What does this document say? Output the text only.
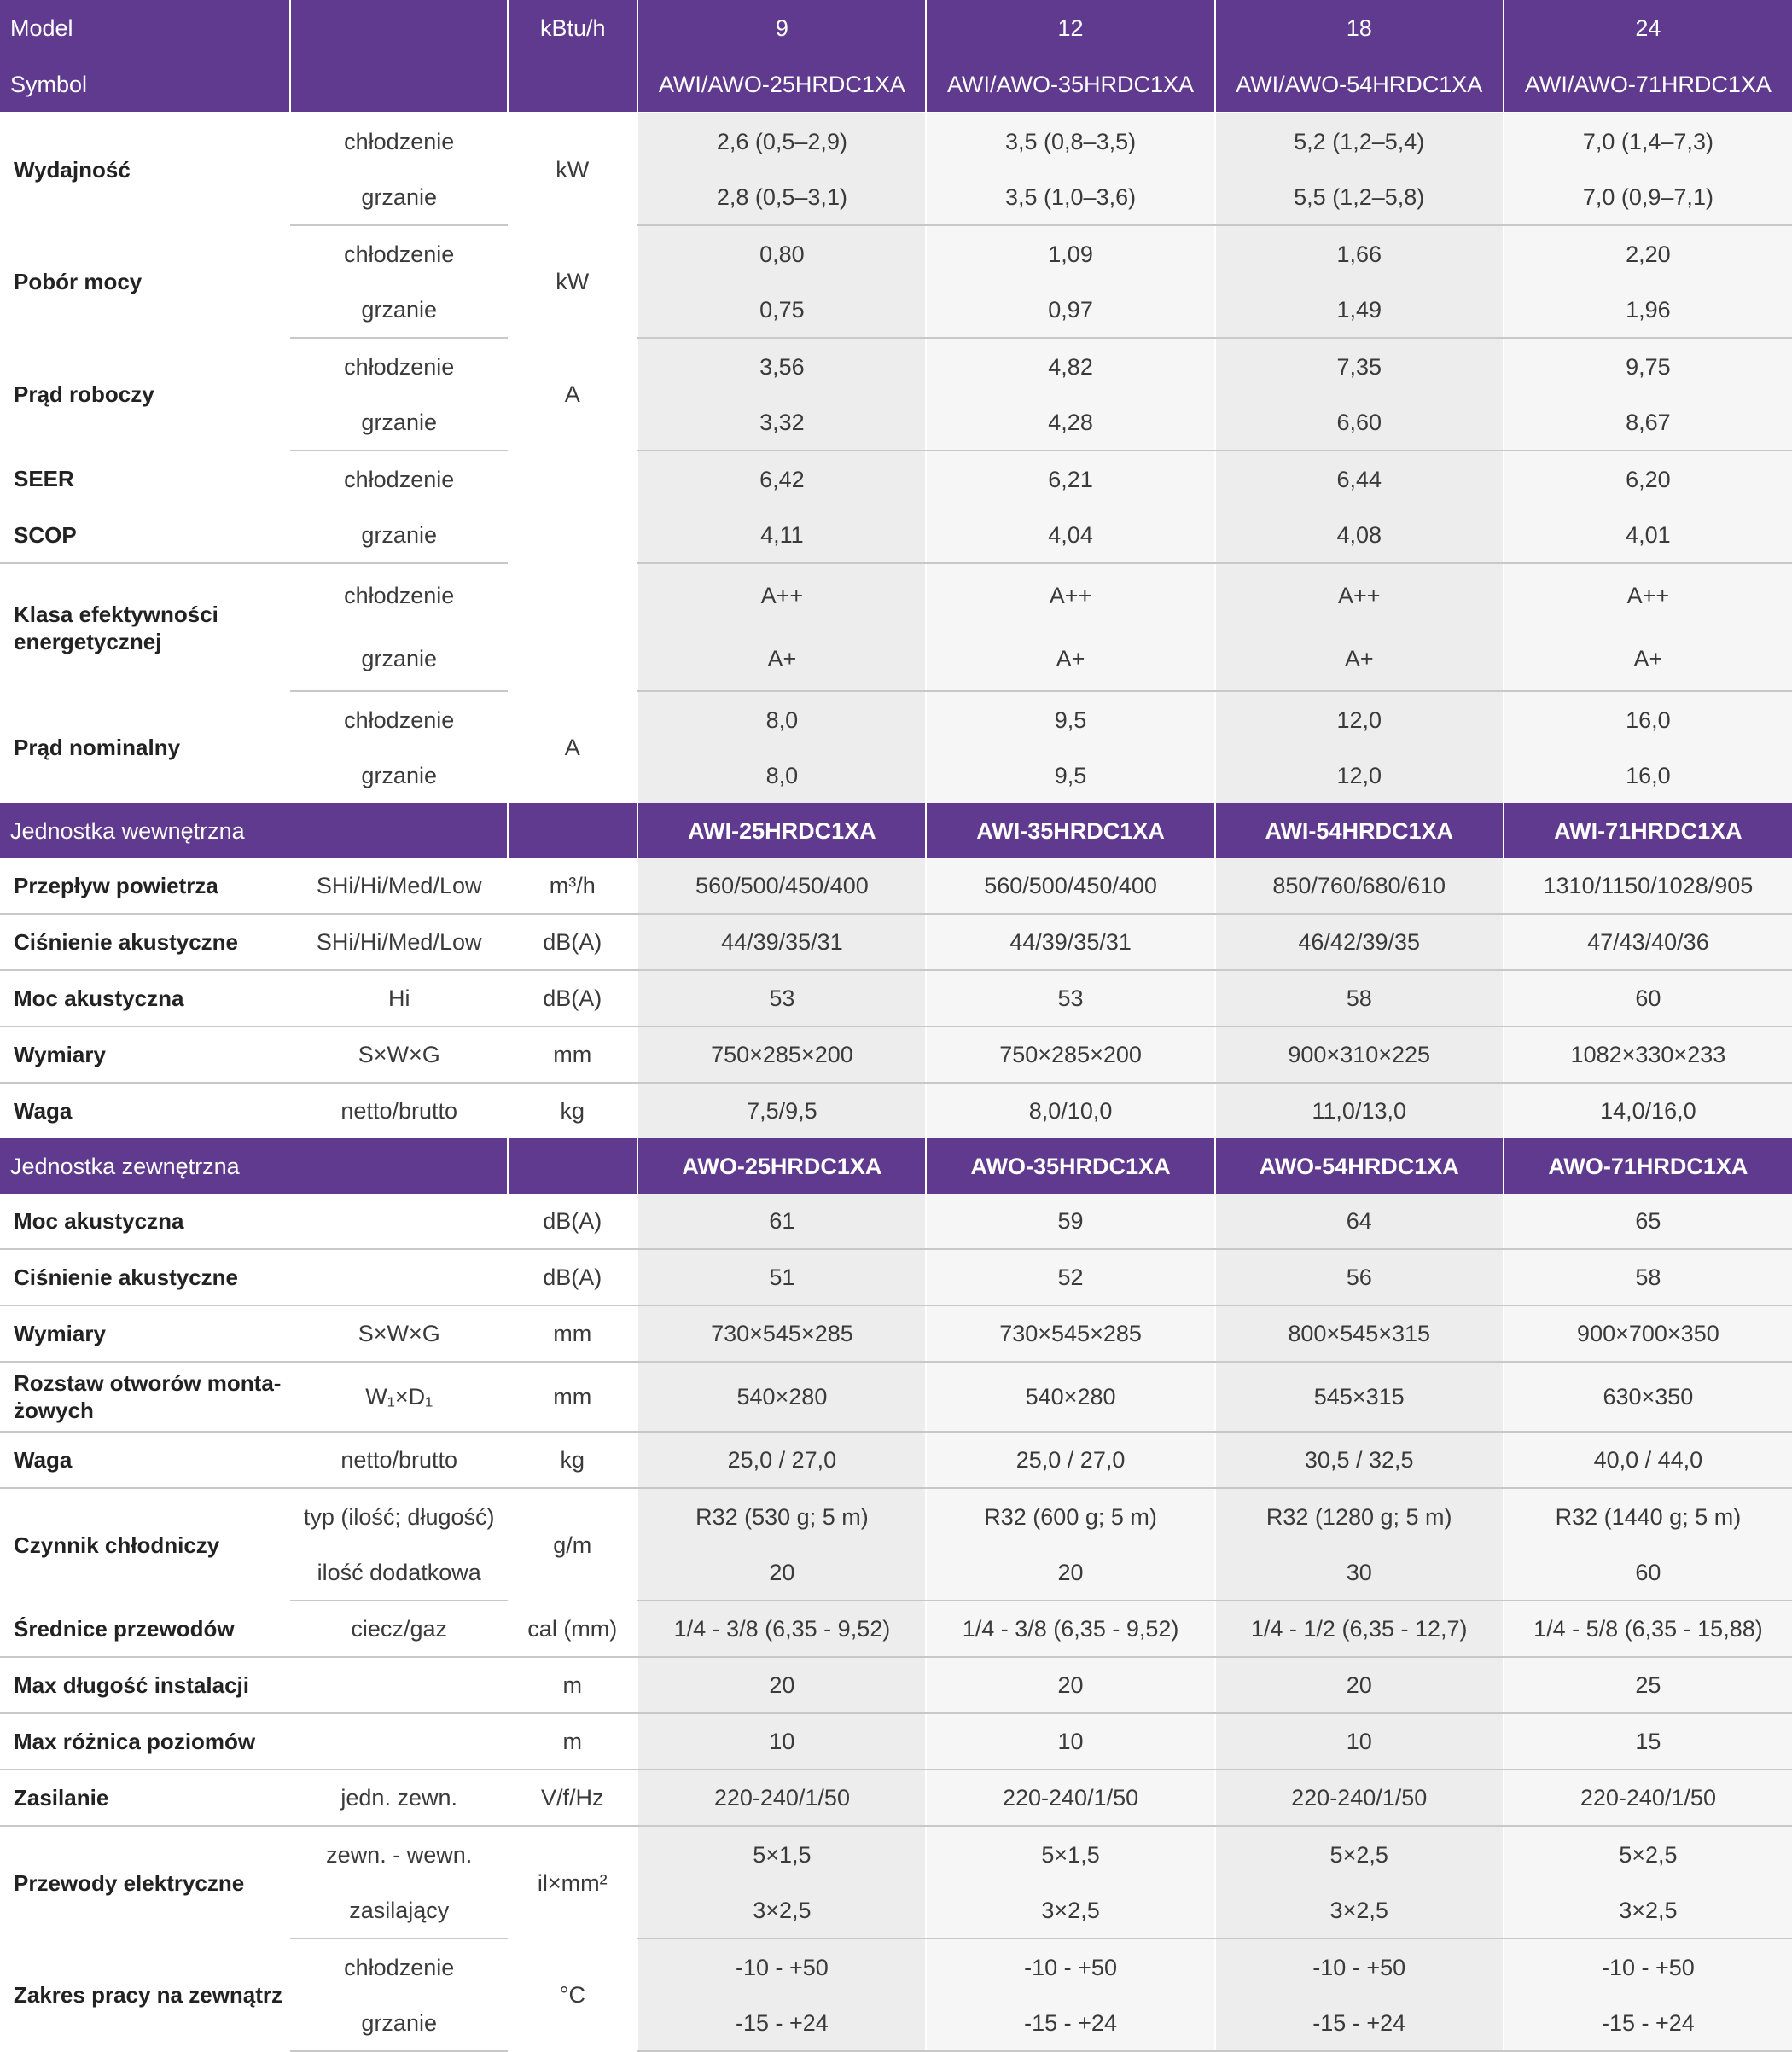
Model		kBtu/h	9	12	18	24
Symbol			AWI/AWO-25HRDC1XA	AWI/AWO-35HRDC1XA	AWI/AWO-54HRDC1XA	AWI/AWO-71HRDC1XA
Wydajność	chłodzenie	kW	2,6 (0,5–2,9)	3,5 (0,8–3,5)	5,2 (1,2–5,4)	7,0 (1,4–7,3)
	grzanie		2,8 (0,5–3,1)	3,5 (1,0–3,6)	5,5 (1,2–5,8)	7,0 (0,9–7,1)
Pobór mocy	chłodzenie	kW	0,80	1,09	1,66	2,20
	grzanie		0,75	0,97	1,49	1,96
Prąd roboczy	chłodzenie	A	3,56	4,82	7,35	9,75
	grzanie		3,32	4,28	6,60	8,67
SEER	chłodzenie		6,42	6,21	6,44	6,20
SCOP	grzanie		4,11	4,04	4,08	4,01
Klasa efektywności energetycznej	chłodzenie		A++	A++	A++	A++
	grzanie		A+	A+	A+	A+
Prąd nominalny	chłodzenie	A	8,0	9,5	12,0	16,0
	grzanie		8,0	9,5	12,0	16,0
Jednostka wewnętrzna			AWI-25HRDC1XA	AWI-35HRDC1XA	AWI-54HRDC1XA	AWI-71HRDC1XA
Przepływ powietrza	SHi/Hi/Med/Low	m³/h	560/500/450/400	560/500/450/400	850/760/680/610	1310/1150/1028/905
Ciśnienie akustyczne	SHi/Hi/Med/Low	dB(A)	44/39/35/31	44/39/35/31	46/42/39/35	47/43/40/36
Moc akustyczna	Hi	dB(A)	53	53	58	60
Wymiary	S×W×G	mm	750×285×200	750×285×200	900×310×225	1082×330×233
Waga	netto/brutto	kg	7,5/9,5	8,0/10,0	11,0/13,0	14,0/16,0
Jednostka zewnętrzna			AWO-25HRDC1XA	AWO-35HRDC1XA	AWO-54HRDC1XA	AWO-71HRDC1XA
Moc akustyczna		dB(A)	61	59	64	65
Ciśnienie akustyczne		dB(A)	51	52	56	58
Wymiary	S×W×G	mm	730×545×285	730×545×285	800×545×315	900×700×350
Rozstaw otworów monta-żowych	W₁×D₁	mm	540×280	540×280	545×315	630×350
Waga	netto/brutto	kg	25,0 / 27,0	25,0 / 27,0	30,5 / 32,5	40,0 / 44,0
Czynnik chłodniczy	typ (ilość; długość)	g/m	R32 (530 g; 5 m)	R32 (600 g; 5 m)	R32 (1280 g; 5 m)	R32 (1440 g; 5 m)
	ilość dodatkowa		20	20	30	60
Średnice przewodów	ciecz/gaz	cal (mm)	1/4 - 3/8 (6,35 - 9,52)	1/4 - 3/8 (6,35 - 9,52)	1/4 - 1/2 (6,35 - 12,7)	1/4 - 5/8 (6,35 - 15,88)
Max długość instalacji		m	20	20	20	25
Max różnica poziomów		m	10	10	10	15
Zasilanie	jedn. zewn.	V/f/Hz	220-240/1/50	220-240/1/50	220-240/1/50	220-240/1/50
Przewody elektryczne	zewn. - wewn.	il×mm²	5×1,5	5×1,5	5×2,5	5×2,5
	zasilający		3×2,5	3×2,5	3×2,5	3×2,5
Zakres pracy na zewnątrz	chłodzenie	°C	-10 - +50	-10 - +50	-10 - +50	-10 - +50
	grzanie		-15 - +24	-15 - +24	-15 - +24	-15 - +24
